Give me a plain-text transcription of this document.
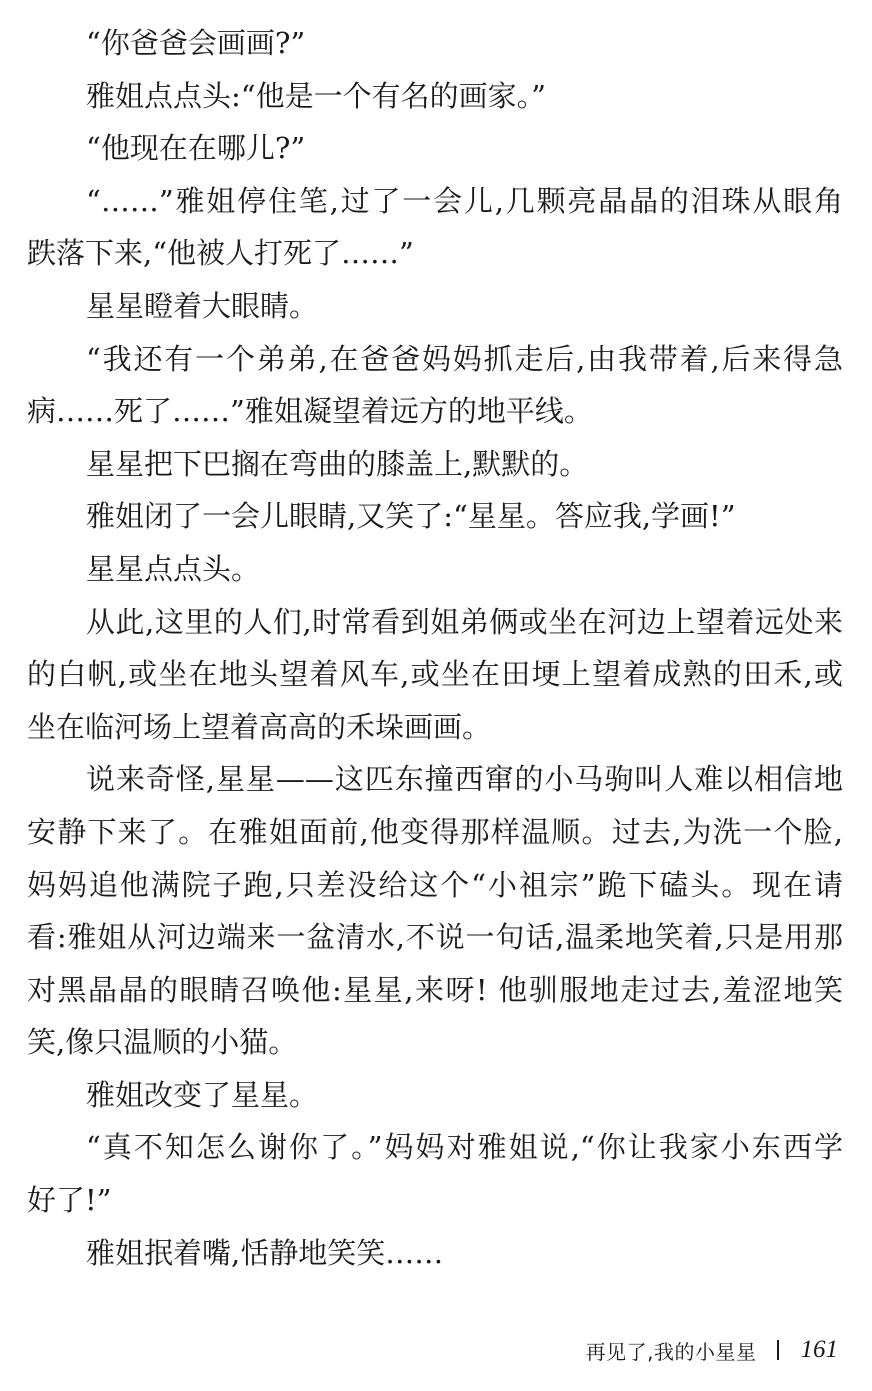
“你爸爸会画画?”
雅姐点点头:“他是一个有名的画家。”
“他现在在哪儿?”
“……”雅姐停住笔,过了一会儿,几颗亮晶晶的泪珠从眼角
跌落下来,“他被人打死了……”
星星瞪着大眼睛。
“我还有一个弟弟,在爸爸妈妈抓走后,由我带着,后来得急
病……死了……”雅姐凝望着远方的地平线。
星星把下巴搁在弯曲的膝盖上,默默的。
雅姐闭了一会儿眼睛,又笑了:“星星。答应我,学画!”
星星点点头。
从此,这里的人们,时常看到姐弟俩或坐在河边上望着远处来
的白帆,或坐在地头望着风车,或坐在田埂上望着成熟的田禾,或
坐在临河场上望着高高的禾垛画画。
说来奇怪,星星——这匹东撞西窜的小马驹叫人难以相信地
安静下来了。在雅姐面前,他变得那样温顺。过去,为洗一个脸,
妈妈追他满院子跑,只差没给这个“小祖宗”跪下磕头。现在请
看:雅姐从河边端来一盆清水,不说一句话,温柔地笑着,只是用那
对黑晶晶的眼睛召唤他:星星,来呀! 他驯服地走过去,羞涩地笑
笑,像只温顺的小猫。
雅姐改变了星星。
“真不知怎么谢你了。”妈妈对雅姐说,“你让我家小东西学
好了!”
雅姐抿着嘴,恬静地笑笑……
再见了,我的小星星 161
